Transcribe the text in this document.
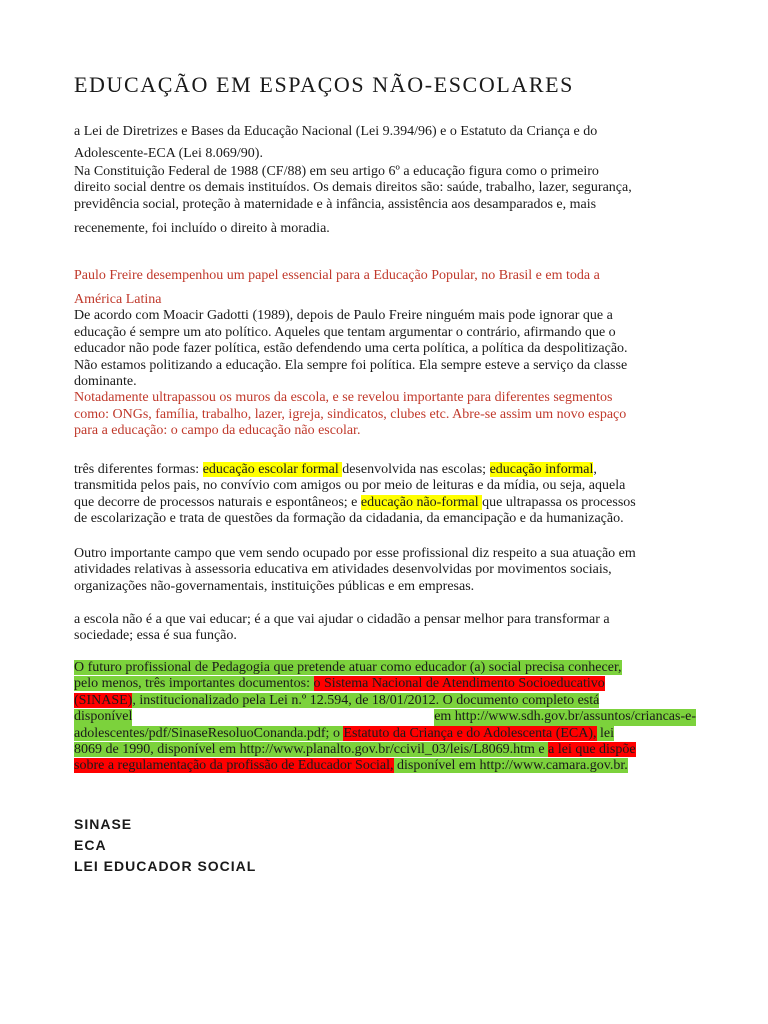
EDUCAÇÃO EM ESPAÇOS NÃO-ESCOLARES
a Lei de Diretrizes e Bases da Educação Nacional (Lei 9.394/96) e o Estatuto da Criança e do
Adolescente-ECA (Lei 8.069/90).
Na Constituição Federal de 1988 (CF/88) em seu artigo 6º a educação figura como o primeiro
direito social dentre os demais instituídos. Os demais direitos são: saúde, trabalho, lazer, segurança,
previdência social, proteção à maternidade e à infância, assistência aos desamparados e, mais
recenemente, foi incluído o direito à moradia.
Paulo Freire desempenhou um papel essencial para a Educação Popular, no Brasil e em toda a
América Latina
De acordo com Moacir Gadotti (1989), depois de Paulo Freire ninguém mais pode ignorar que a
educação é sempre um ato político. Aqueles que tentam argumentar o contrário, afirmando que o
educador não pode fazer política, estão defendendo uma certa política, a política da despolitização.
Não estamos politizando a educação. Ela sempre foi política. Ela sempre esteve a serviço da classe
dominante.
Notadamente ultrapassou os muros da escola, e se revelou importante para diferentes segmentos
como: ONGs, família, trabalho, lazer, igreja, sindicatos, clubes etc. Abre-se assim um novo espaço
para a educação: o campo da educação não escolar.
três diferentes formas: educação escolar formal desenvolvida nas escolas; educação informal,
transmitida pelos pais, no convívio com amigos ou por meio de leituras e da mídia, ou seja, aquela
que decorre de processos naturais e espontâneos; e educação não-formal que ultrapassa os processos
de escolarização e trata de questões da formação da cidadania, da emancipação e da humanização.
Outro importante campo que vem sendo ocupado por esse profissional diz respeito a sua atuação em
atividades relativas à assessoria educativa em atividades desenvolvidas por movimentos sociais,
organizações não-governamentais, instituições públicas e em empresas.
a escola não é a que vai educar; é a que vai ajudar o cidadão a pensar melhor para transformar a
sociedade; essa é sua função.
O futuro profissional de Pedagogia que pretende atuar como educador (a) social precisa conhecer,
pelo menos, três importantes documentos: o Sistema Nacional de Atendimento Socioeducativo
(SINASE), institucionalizado pela Lei n.º 12.594, de 18/01/2012. O documento completo está
disponível	em http://www.sdh.gov.br/assuntos/criancas-e-
adolescentes/pdf/SinaseResoluoConanda.pdf; o Estatuto da Criança e do Adolescenta (ECA), lei
8069 de 1990, disponível em http://www.planalto.gov.br/ccivil_03/leis/L8069.htm e a lei que dispõe
sobre a regulamentação da profissão de Educador Social, disponível em http://www.camara.gov.br.
SINASE
ECA
LEI EDUCADOR SOCIAL
